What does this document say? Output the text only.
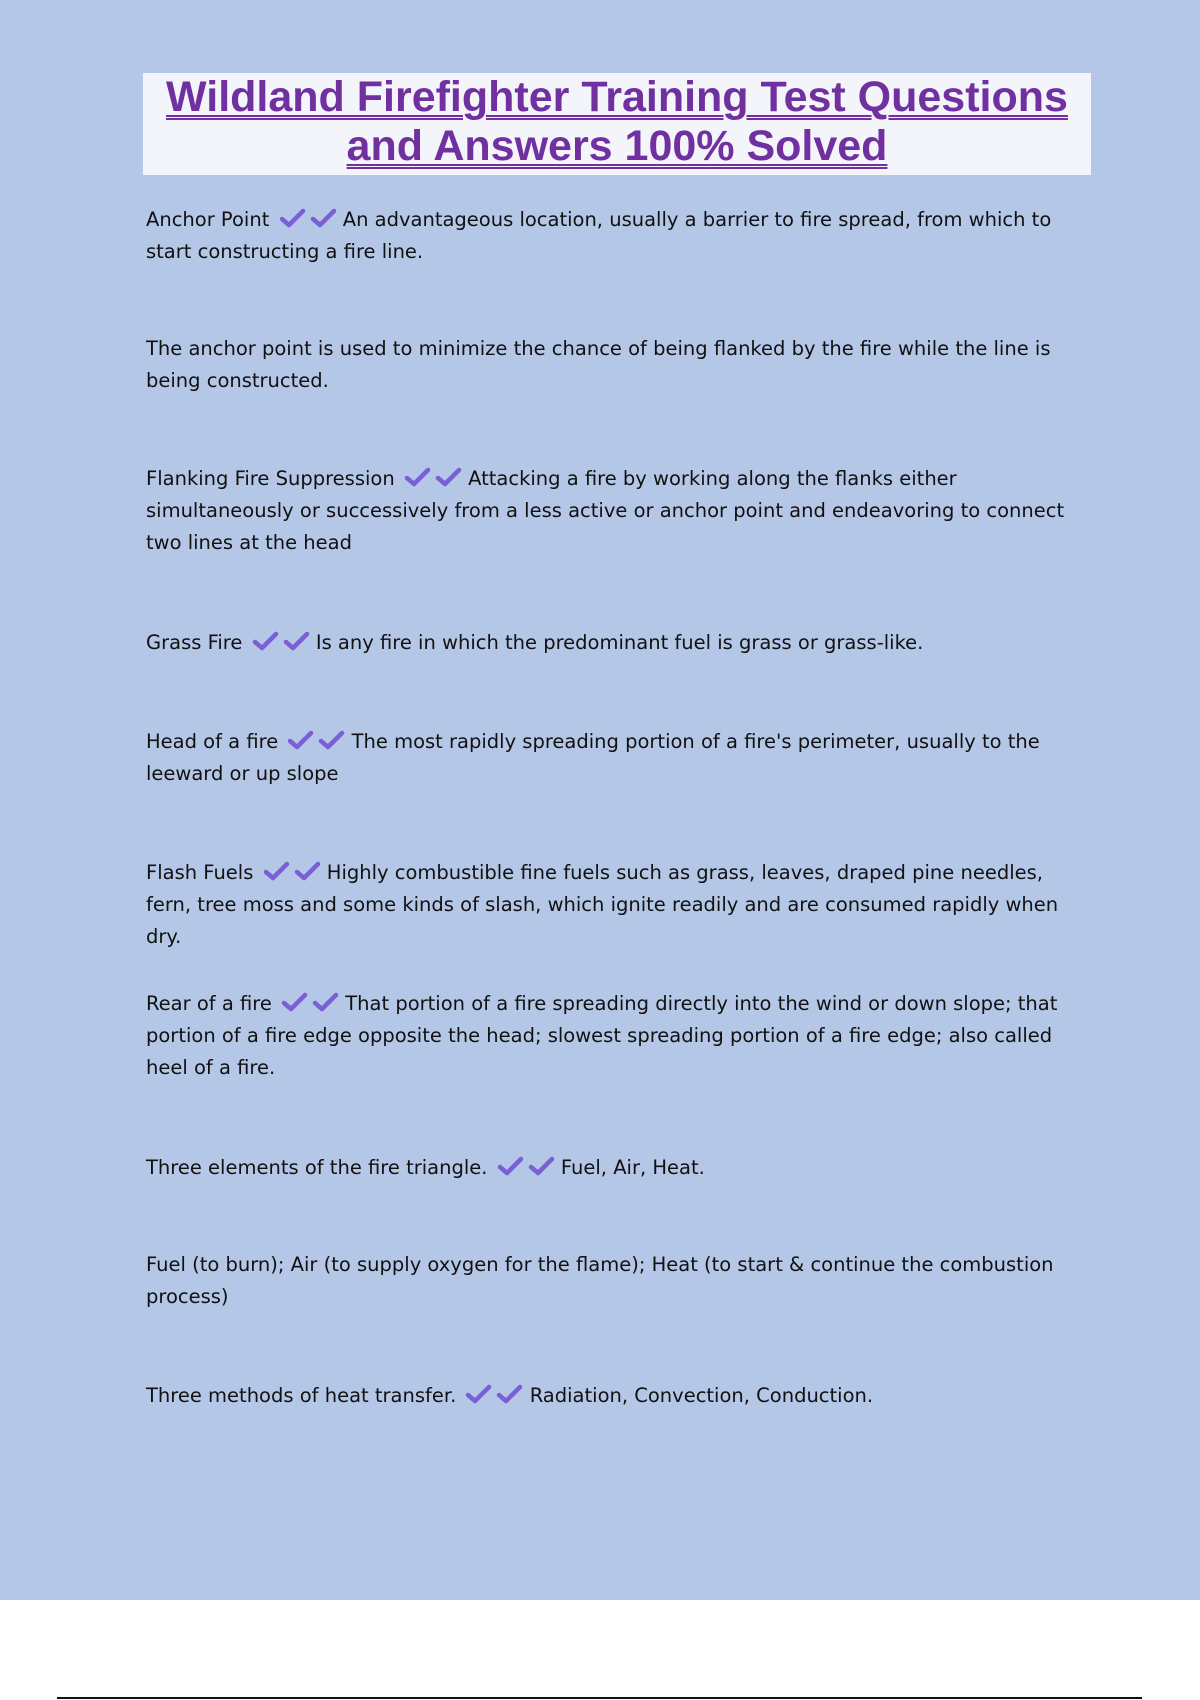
Wildland Firefighter Training Test Questions
and Answers 100% Solved
Anchor Point	An advantageous location, usually a barrier to fire spread, from which to start constructing a fire line.
The anchor point is used to minimize the chance of being flanked by the fire while the line is being constructed.
Flanking Fire Suppression	Attacking a fire by working along the flanks either simultaneously or successively from a less active or anchor point and endeavoring to connect two lines at the head
Grass Fire	Is any fire in which the predominant fuel is grass or grass-like.
Head of a fire	The most rapidly spreading portion of a fire's perimeter, usually to the leeward or up slope
Flash Fuels	Highly combustible fine fuels such as grass, leaves, draped pine needles, fern, tree moss and some kinds of slash, which ignite readily and are consumed rapidly when dry.
Rear of a fire	That portion of a fire spreading directly into the wind or down slope; that portion of a fire edge opposite the head; slowest spreading portion of a fire edge; also called heel of a fire.
Three elements of the fire triangle.	Fuel, Air, Heat.
Fuel (to burn); Air (to supply oxygen for the flame); Heat (to start & continue the combustion process)
Three methods of heat transfer.	Radiation, Convection, Conduction.
